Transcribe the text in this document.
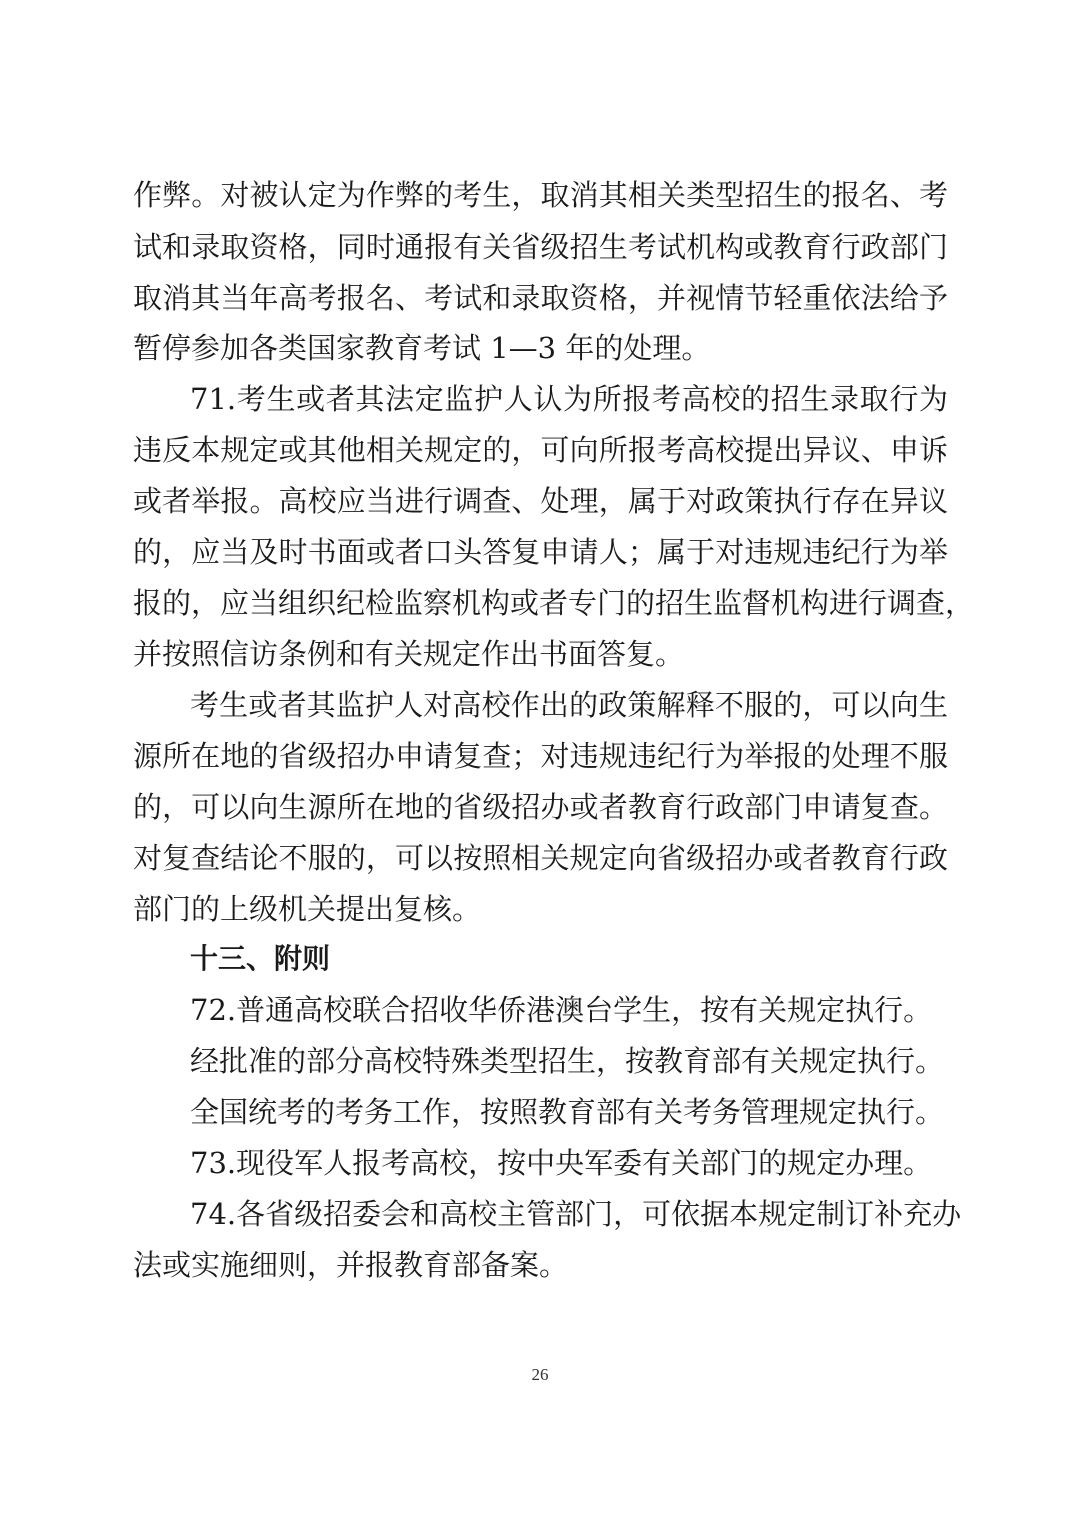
作弊。对被认定为作弊的考生，取消其相关类型招生的报名、考
试和录取资格，同时通报有关省级招生考试机构或教育行政部门
取消其当年高考报名、考试和录取资格，并视情节轻重依法给予
暂停参加各类国家教育考试 1—3 年的处理。
71.考生或者其法定监护人认为所报考高校的招生录取行为
违反本规定或其他相关规定的，可向所报考高校提出异议、申诉
或者举报。高校应当进行调查、处理，属于对政策执行存在异议
的，应当及时书面或者口头答复申请人；属于对违规违纪行为举
报的，应当组织纪检监察机构或者专门的招生监督机构进行调查，
并按照信访条例和有关规定作出书面答复。
考生或者其监护人对高校作出的政策解释不服的，可以向生
源所在地的省级招办申请复查；对违规违纪行为举报的处理不服
的，可以向生源所在地的省级招办或者教育行政部门申请复查。
对复查结论不服的，可以按照相关规定向省级招办或者教育行政
部门的上级机关提出复核。
十三、附则
72.普通高校联合招收华侨港澳台学生，按有关规定执行。
经批准的部分高校特殊类型招生，按教育部有关规定执行。
全国统考的考务工作，按照教育部有关考务管理规定执行。
73.现役军人报考高校，按中央军委有关部门的规定办理。
74.各省级招委会和高校主管部门，可依据本规定制订补充办
法或实施细则，并报教育部备案。
26
